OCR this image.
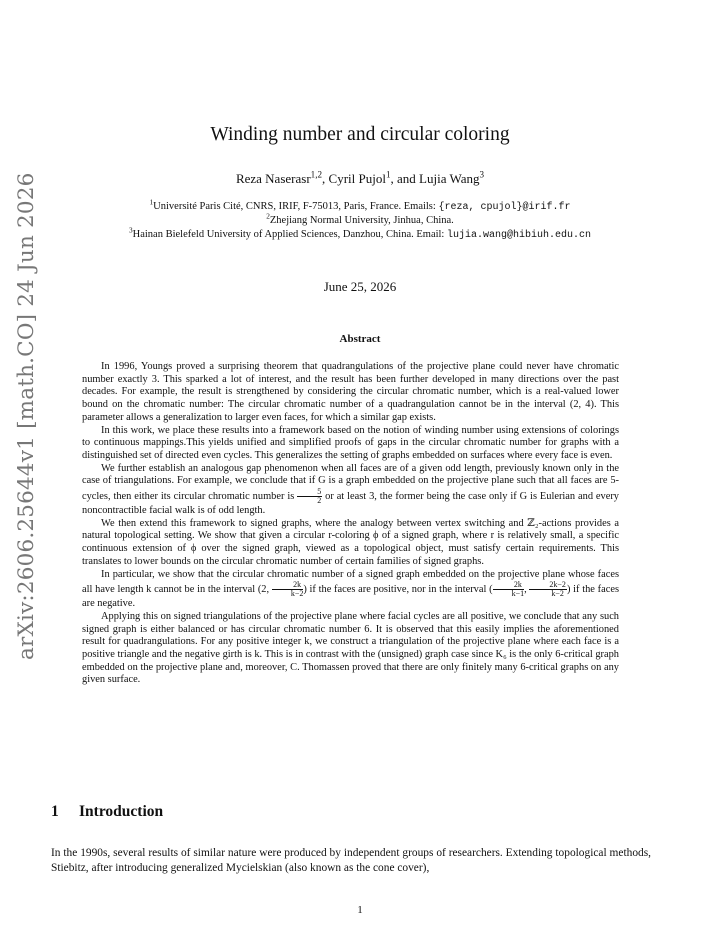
arXiv:2606.25644v1 [math.CO] 24 Jun 2026
Winding number and circular coloring
Reza Naserasr$^{1,2}$, Cyril Pujol$^1$, and Lujia Wang$^3$
$^1$Université Paris Cité, CNRS, IRIF, F-75013, Paris, France. Emails: {reza, cpujol}@irif.fr
$^2$Zhejiang Normal University, Jinhua, China.
$^3$Hainan Bielefeld University of Applied Sciences, Danzhou, China. Email: lujia.wang@hibiuh.edu.cn
June 25, 2026
Abstract

In 1996, Youngs proved a surprising theorem that quadrangulations of the projective plane could never have chromatic number exactly 3. This sparked a lot of interest, and the result has been further developed in many directions over the past decades. For example, the result is strengthened by considering the circular chromatic number, which is a real-valued lower bound on the chromatic number: The circular chromatic number of a quadrangulation cannot be in the interval (2, 4). This parameter allows a generalization to larger even faces, for which a similar gap exists.

In this work, we place these results into a framework based on the notion of winding number using extensions of colorings to continuous mappings.This yields unified and simplified proofs of gaps in the circular chromatic number for graphs with a distinguished set of directed even cycles. This generalizes the setting of graphs embedded on surfaces where every face is even.

We further establish an analogous gap phenomenon when all faces are of a given odd length, previously known only in the case of triangulations. For example, we conclude that if G is a graph embedded on the projective plane such that all faces are 5-cycles, then either its circular chromatic number is $\frac{5}{2}$ or at least 3, the former being the case only if G is Eulerian and every noncontractible facial walk is of odd length.

We then extend this framework to signed graphs, where the analogy between vertex switching and ℤ₂-actions provides a natural topological setting. We show that given a circular r-coloring ϕ of a signed graph, where r is relatively small, a specific continuous extension of ϕ over the signed graph, viewed as a topological object, must satisfy certain requirements. This translates to lower bounds on the circular chromatic number of certain families of signed graphs.

In particular, we show that the circular chromatic number of a signed graph embedded on the projective plane whose faces all have length k cannot be in the interval (2, $\frac{2k}{k-2}$ ) if the faces are positive, nor in the interval ( $\frac{2k}{k-1}$ , $\frac{2k-2}{k-2}$ ) if the faces are negative.

Applying this on signed triangulations of the projective plane where facial cycles are all positive, we conclude that any such signed graph is either balanced or has circular chromatic number 6. It is observed that this easily implies the aforementioned result for quadrangulations. For any positive integer k, we construct a triangulation of the projective plane where each face is a positive triangle and the negative girth is k. This is in contrast with the (unsigned) graph case since K₆ is the only 6-critical graph embedded on the projective plane and, moreover, C. Thomassen proved that there are only finitely many 6-critical graphs on any given surface.

1 Introduction

In the 1990s, several results of similar nature were produced by independent groups of researchers. Extending topological methods, Stiebitz, after introducing generalized Mycielskian (also known as the cone cover),

1
